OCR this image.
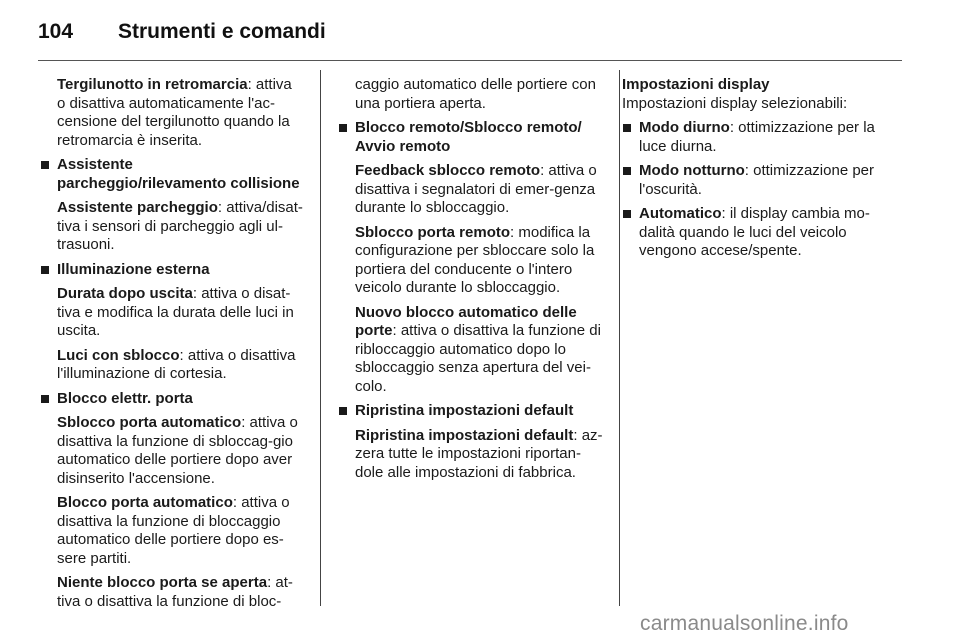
104 Strumenti e comandi

Tergilunotto in retromarcia: attiva o disattiva automaticamente l'ac-censione del tergilunotto quando la retromarcia è inserita.

Assistente parcheggio/rilevamento collisione

Assistente parcheggio: attiva/disat-tiva i sensori di parcheggio agli ul-trasuoni.

Illuminazione esterna

Durata dopo uscita: attiva o disat-tiva e modifica la durata delle luci in uscita.

Luci con sblocco: attiva o disattiva l'illuminazione di cortesia.

Blocco elettr. porta

Sblocco porta automatico: attiva o disattiva la funzione di sbloccag-gio automatico delle portiere dopo aver disinserito l'accensione.

Blocco porta automatico: attiva o disattiva la funzione di bloccaggio automatico delle portiere dopo es-sere partiti.

Niente blocco porta se aperta: at-tiva o disattiva la funzione di bloc-

caggio automatico delle portiere con una portiera aperta.

Blocco remoto/Sblocco remoto/ Avvio remoto

Feedback sblocco remoto: attiva o disattiva i segnalatori di emer-genza durante lo sbloccaggio.

Sblocco porta remoto: modifica la configurazione per sbloccare solo la portiera del conducente o l'intero veicolo durante lo sbloccaggio.

Nuovo blocco automatico delle porte: attiva o disattiva la funzione di ribloccaggio automatico dopo lo sbloccaggio senza apertura del vei-colo.

Ripristina impostazioni default

Ripristina impostazioni default: az-zera tutte le impostazioni riportan-dole alle impostazioni di fabbrica.

Impostazioni display

Impostazioni display selezionabili:

Modo diurno: ottimizzazione per la luce diurna.

Modo notturno: ottimizzazione per l'oscurità.

Automatico: il display cambia mo-dalità quando le luci del veicolo vengono accese/spente.

carmanualsonline.info
